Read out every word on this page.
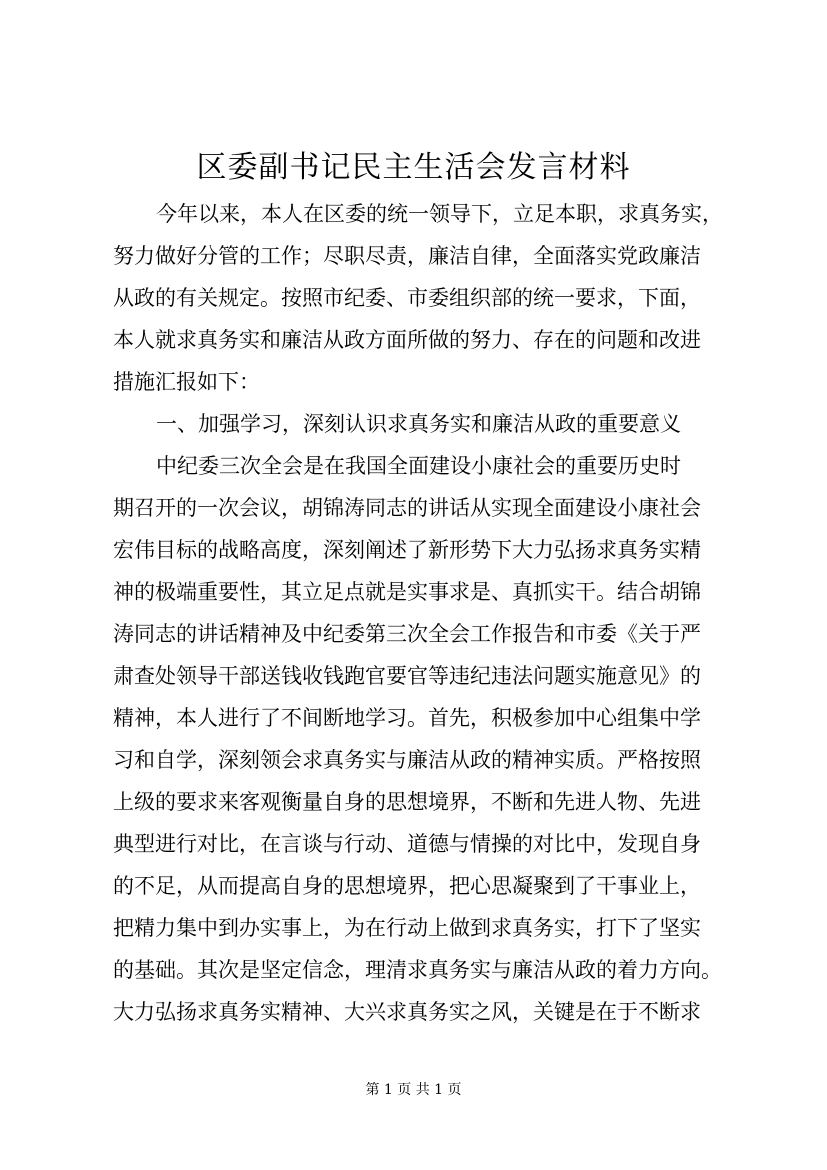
区委副书记民主生活会发言材料
今年以来，本人在区委的统一领导下，立足本职，求真务实，
努力做好分管的工作；尽职尽责，廉洁自律，全面落实党政廉洁
从政的有关规定。按照市纪委、市委组织部的统一要求，下面，
本人就求真务实和廉洁从政方面所做的努力、存在的问题和改进
措施汇报如下：
一、加强学习，深刻认识求真务实和廉洁从政的重要意义
中纪委三次全会是在我国全面建设小康社会的重要历史时
期召开的一次会议，胡锦涛同志的讲话从实现全面建设小康社会
宏伟目标的战略高度，深刻阐述了新形势下大力弘扬求真务实精
神的极端重要性，其立足点就是实事求是、真抓实干。结合胡锦
涛同志的讲话精神及中纪委第三次全会工作报告和市委《关于严
肃查处领导干部送钱收钱跑官要官等违纪违法问题实施意见》的
精神，本人进行了不间断地学习。首先，积极参加中心组集中学
习和自学，深刻领会求真务实与廉洁从政的精神实质。严格按照
上级的要求来客观衡量自身的思想境界，不断和先进人物、先进
典型进行对比，在言谈与行动、道德与情操的对比中，发现自身
的不足，从而提高自身的思想境界，把心思凝聚到了干事业上，
把精力集中到办实事上，为在行动上做到求真务实，打下了坚实
的基础。其次是坚定信念，理清求真务实与廉洁从政的着力方向。
大力弘扬求真务实精神、大兴求真务实之风，关键是在于不断求
第 1 页 共 1 页
